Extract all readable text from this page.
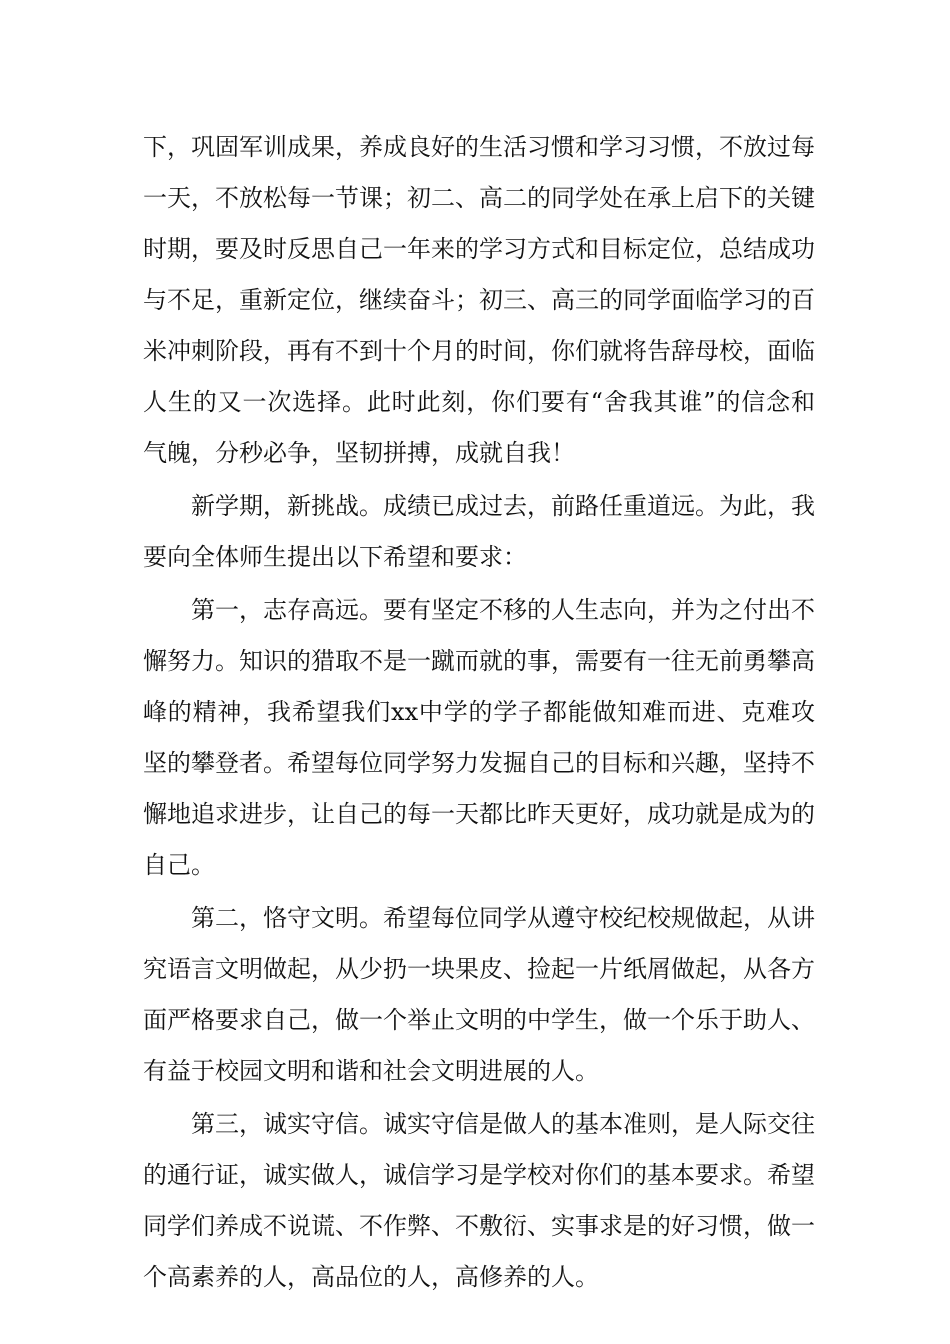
下，巩固军训成果，养成良好的生活习惯和学习习惯，不放过每一天，不放松每一节课；初二、高二的同学处在承上启下的关键时期，要及时反思自己一年来的学习方式和目标定位，总结成功与不足，重新定位，继续奋斗；初三、高三的同学面临学习的百米冲刺阶段，再有不到十个月的时间，你们就将告辞母校，面临人生的又一次选择。此时此刻，你们要有“舍我其谁”的信念和气魄，分秒必争，坚韧拼搏，成就自我！

新学期，新挑战。成绩已成过去，前路任重道远。为此，我要向全体师生提出以下希望和要求：

第一，志存高远。要有坚定不移的人生志向，并为之付出不懈努力。知识的猎取不是一蹴而就的事，需要有一往无前勇攀高峰的精神，我希望我们xx中学的学子都能做知难而进、克难攻坚的攀登者。希望每位同学努力发掘自己的目标和兴趣，坚持不懈地追求进步，让自己的每一天都比昨天更好，成功就是成为的自己。

第二，恪守文明。希望每位同学从遵守校纪校规做起，从讲究语言文明做起，从少扔一块果皮、捡起一片纸屑做起，从各方面严格要求自己，做一个举止文明的中学生，做一个乐于助人、有益于校园文明和谐和社会文明进展的人。

第三，诚实守信。诚实守信是做人的基本准则，是人际交往的通行证，诚实做人，诚信学习是学校对你们的基本要求。希望同学们养成不说谎、不作弊、不敷衍、实事求是的好习惯，做一个高素养的人，高品位的人，高修养的人。
